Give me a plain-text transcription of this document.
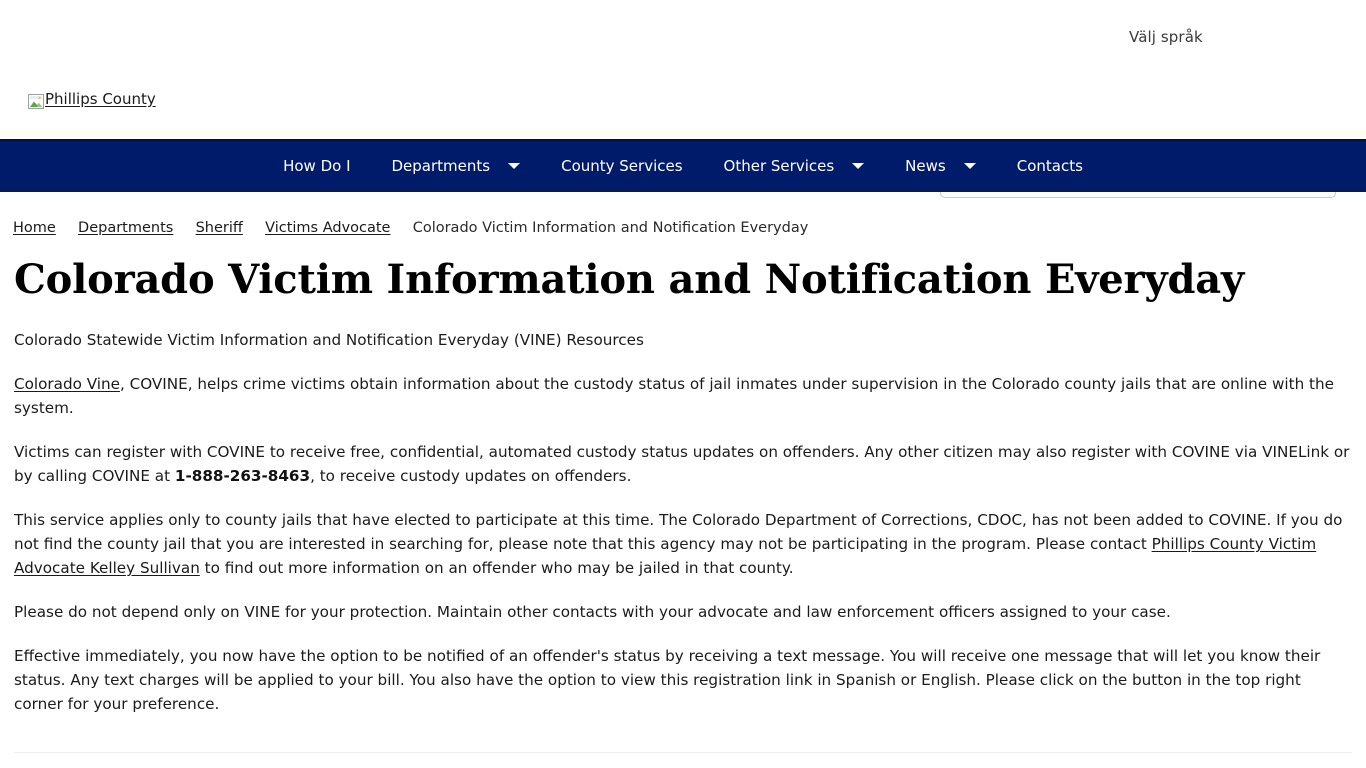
Välj språk
Phillips County
Search
How Do I	Departments	County Services	Other Services	News	Contacts
Home Departments Sheriff Victims Advocate Colorado Victim Information and Notification Everyday
Colorado Victim Information and Notification Everyday

Colorado Statewide Victim Information and Notification Everyday (VINE) Resources

Colorado Vine, COVINE, helps crime victims obtain information about the custody status of jail inmates under supervision in the Colorado county jails that are online with the system.

Victims can register with COVINE to receive free, confidential, automated custody status updates on offenders. Any other citizen may also register with COVINE via VINELink or by calling COVINE at 1-888-263-8463, to receive custody updates on offenders.

This service applies only to county jails that have elected to participate at this time. The Colorado Department of Corrections, CDOC, has not been added to COVINE. If you do not find the county jail that you are interested in searching for, please note that this agency may not be participating in the program. Please contact Phillips County Victim Advocate Kelley Sullivan to find out more information on an offender who may be jailed in that county.

Please do not depend only on VINE for your protection. Maintain other contacts with your advocate and law enforcement officers assigned to your case.

Effective immediately, you now have the option to be notified of an offender's status by receiving a text message. You will receive one message that will let you know their status. Any text charges will be applied to your bill. You also have the option to view this registration link in Spanish or English. Please click on the button in the top right corner for your preference.
